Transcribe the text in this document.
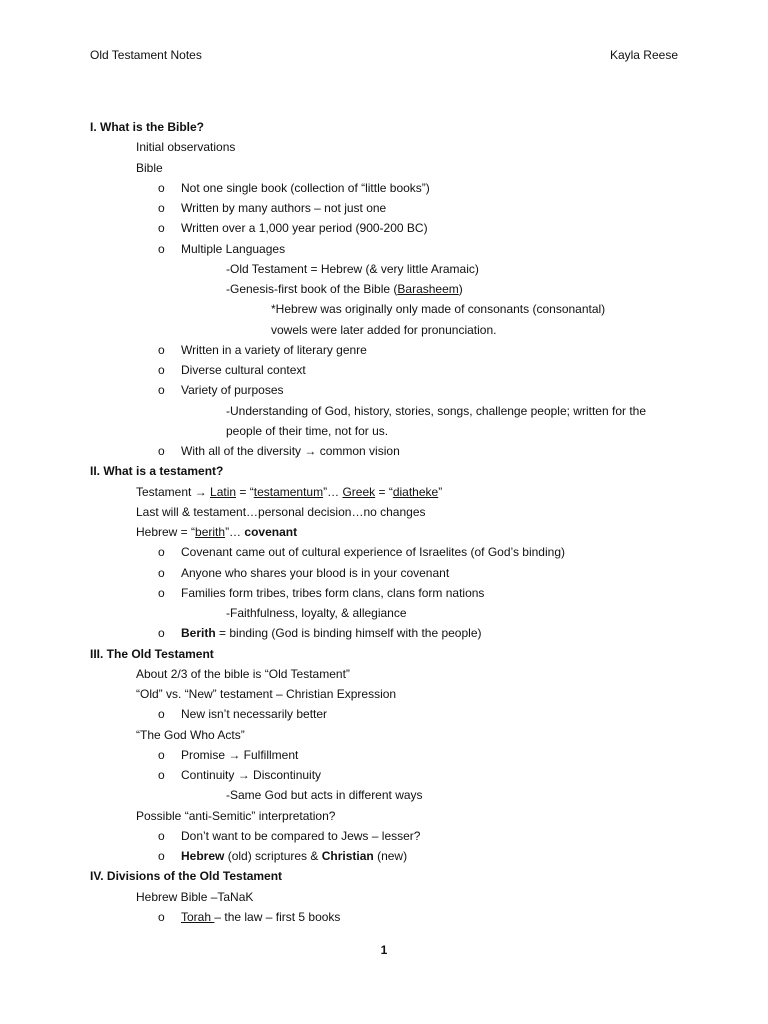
Old Testament Notes	Kayla Reese
I. What is the Bible?
Initial observations
Bible
o Not one single book (collection of “little books”)
o Written by many authors – not just one
o Written over a 1,000 year period (900-200 BC)
o Multiple Languages
-Old Testament = Hebrew (& very little Aramaic)
-Genesis-first book of the Bible (Barasheem)
*Hebrew was originally only made of consonants (consonantal)
vowels were later added for pronunciation.
o Written in a variety of literary genre
o Diverse cultural context
o Variety of purposes
-Understanding of God, history, stories, songs, challenge people; written for the
people of their time, not for us.
o With all of the diversity → common vision
II. What is a testament?
Testament → Latin = “testamentum”… Greek = “diatheke”
Last will & testament…personal decision…no changes
Hebrew = “berith”… covenant
o Covenant came out of cultural experience of Israelites (of God’s binding)
o Anyone who shares your blood is in your covenant
o Families form tribes, tribes form clans, clans form nations
-Faithfulness, loyalty, & allegiance
o Berith = binding (God is binding himself with the people)
III. The Old Testament
About 2/3 of the bible is “Old Testament”
“Old” vs. “New” testament – Christian Expression
o New isn’t necessarily better
“The God Who Acts”
o Promise → Fulfillment
o Continuity → Discontinuity
-Same God but acts in different ways
Possible “anti-Semitic” interpretation?
o Don’t want to be compared to Jews – lesser?
o Hebrew (old) scriptures & Christian (new)
IV. Divisions of the Old Testament
Hebrew Bible –TaNaK
o Torah – the law – first 5 books
1
